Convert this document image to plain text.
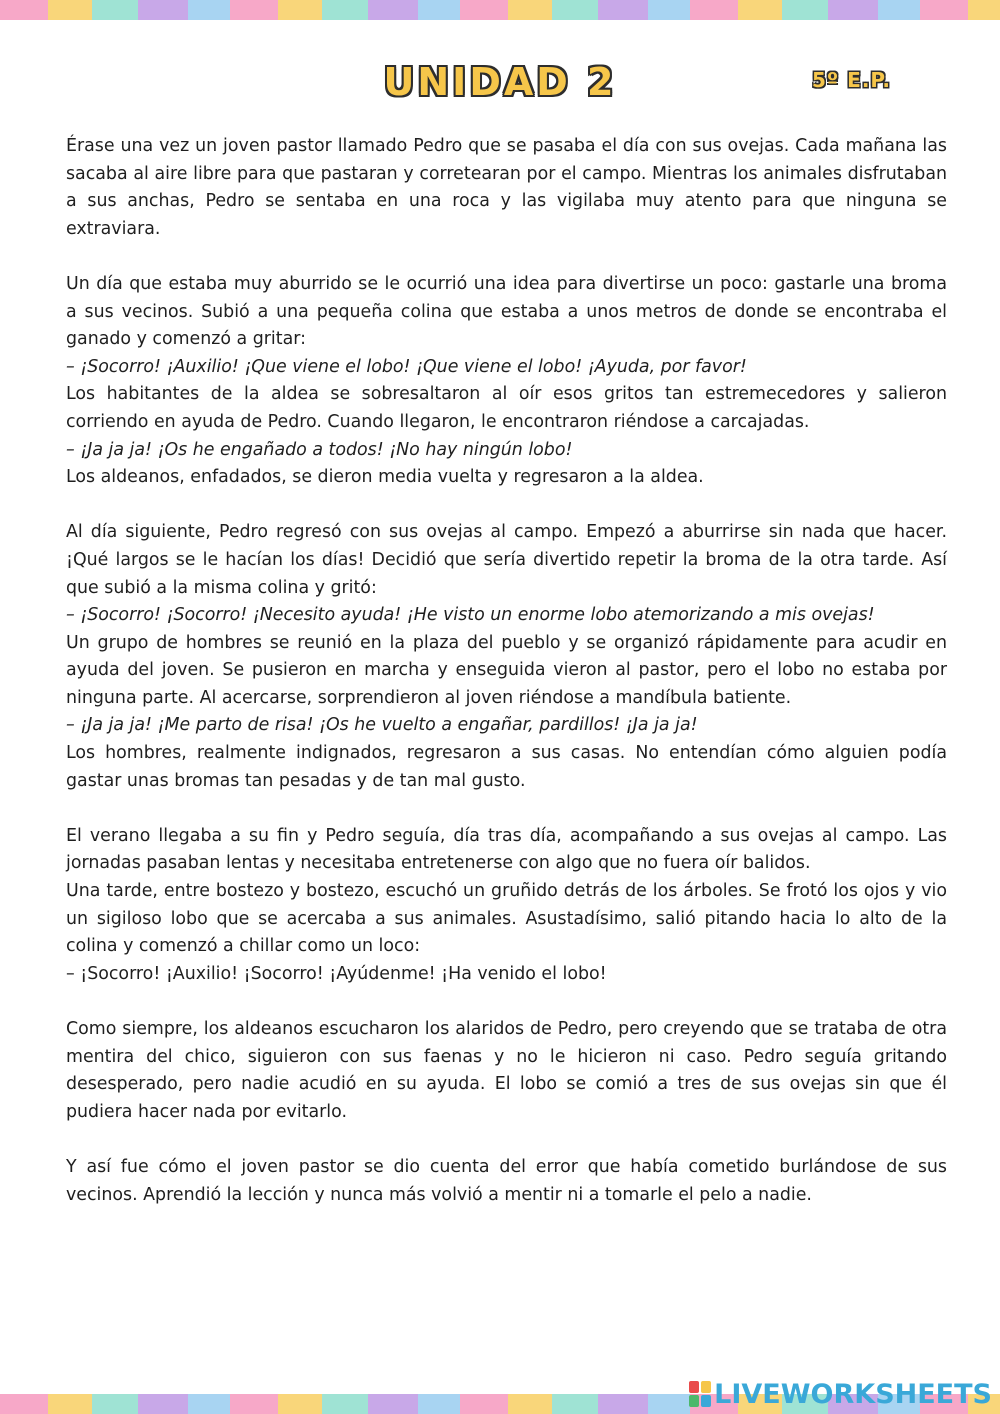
UNIDAD 2	5º E.P.

Érase una vez un joven pastor llamado Pedro que se pasaba el día con sus ovejas. Cada mañana las sacaba al aire libre para que pastaran y corretearan por el campo. Mientras los animales disfrutaban a sus anchas, Pedro se sentaba en una roca y las vigilaba muy atento para que ninguna se extraviara.

Un día que estaba muy aburrido se le ocurrió una idea para divertirse un poco: gastarle una broma a sus vecinos. Subió a una pequeña colina que estaba a unos metros de donde se encontraba el ganado y comenzó a gritar:

– ¡Socorro! ¡Auxilio! ¡Que viene el lobo! ¡Que viene el lobo! ¡Ayuda, por favor!

Los habitantes de la aldea se sobresaltaron al oír esos gritos tan estremecedores y salieron corriendo en ayuda de Pedro. Cuando llegaron, le encontraron riéndose a carcajadas.

– ¡Ja ja ja! ¡Os he engañado a todos! ¡No hay ningún lobo!

Los aldeanos, enfadados, se dieron media vuelta y regresaron a la aldea.

Al día siguiente, Pedro regresó con sus ovejas al campo. Empezó a aburrirse sin nada que hacer. ¡Qué largos se le hacían los días! Decidió que sería divertido repetir la broma de la otra tarde. Así que subió a la misma colina y gritó:

– ¡Socorro! ¡Socorro! ¡Necesito ayuda! ¡He visto un enorme lobo atemorizando a mis ovejas!

Un grupo de hombres se reunió en la plaza del pueblo y se organizó rápidamente para acudir en ayuda del joven. Se pusieron en marcha y enseguida vieron al pastor, pero el lobo no estaba por ninguna parte. Al acercarse, sorprendieron al joven riéndose a mandíbula batiente.

– ¡Ja ja ja! ¡Me parto de risa! ¡Os he vuelto a engañar, pardillos! ¡Ja ja ja!

Los hombres, realmente indignados, regresaron a sus casas. No entendían cómo alguien podía gastar unas bromas tan pesadas y de tan mal gusto.

El verano llegaba a su fin y Pedro seguía, día tras día, acompañando a sus ovejas al campo. Las jornadas pasaban lentas y necesitaba entretenerse con algo que no fuera oír balidos.

Una tarde, entre bostezo y bostezo, escuchó un gruñido detrás de los árboles. Se frotó los ojos y vio un sigiloso lobo que se acercaba a sus animales. Asustadísimo, salió pitando hacia lo alto de la colina y comenzó a chillar como un loco:

– ¡Socorro! ¡Auxilio! ¡Socorro! ¡Ayúdenme! ¡Ha venido el lobo!

Como siempre, los aldeanos escucharon los alaridos de Pedro, pero creyendo que se trataba de otra mentira del chico, siguieron con sus faenas y no le hicieron ni caso. Pedro seguía gritando desesperado, pero nadie acudió en su ayuda. El lobo se comió a tres de sus ovejas sin que él pudiera hacer nada por evitarlo.

Y así fue cómo el joven pastor se dio cuenta del error que había cometido burlándose de sus vecinos. Aprendió la lección y nunca más volvió a mentir ni a tomarle el pelo a nadie.

LIVEWORKSHEETS
